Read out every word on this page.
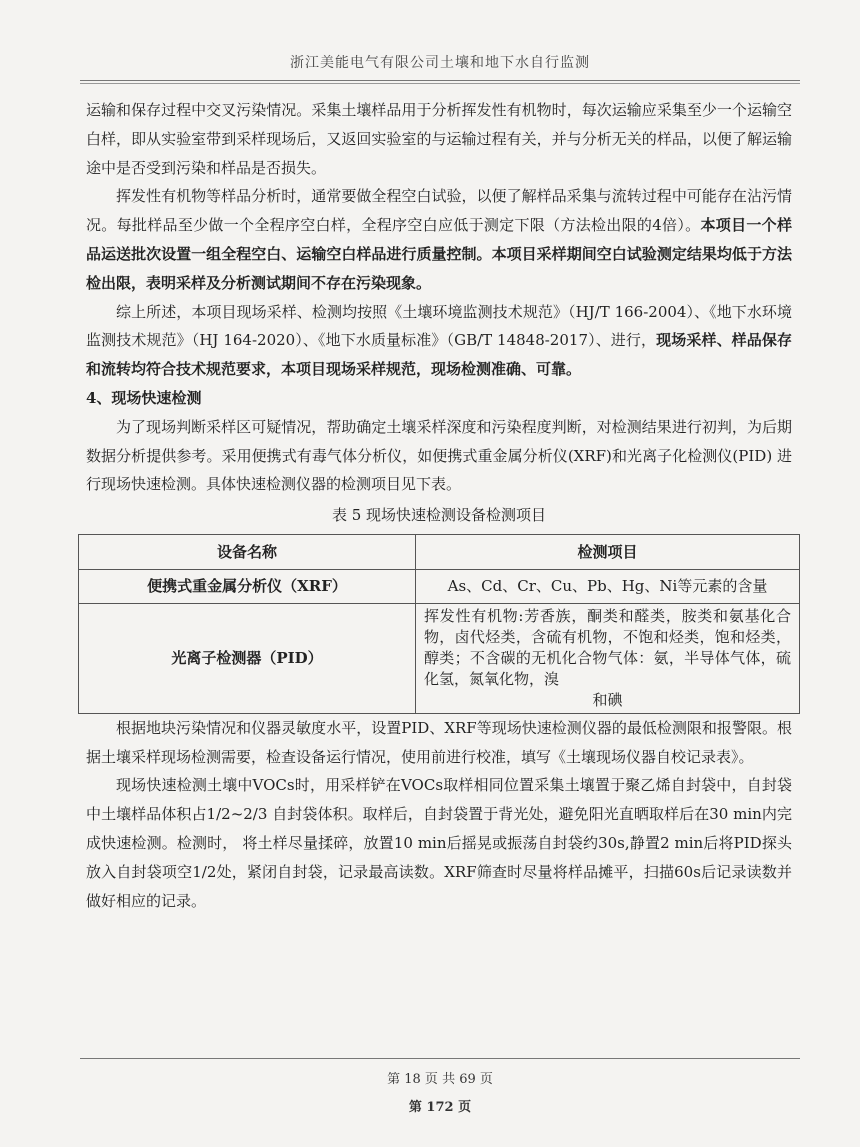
浙江美能电气有限公司土壤和地下水自行监测

运输和保存过程中交叉污染情况。采集土壤样品用于分析挥发性有机物时，每次运输应采集至少一个运输空白样，即从实验室带到采样现场后，又返回实验室的与运输过程有关，并与分析无关的样品，以便了解运输途中是否受到污染和样品是否损失。

挥发性有机物等样品分析时，通常要做全程空白试验，以便了解样品采集与流转过程中可能存在沾污情况。每批样品至少做一个全程序空白样，全程序空白应低于测定下限（方法检出限的4倍）。本项目一个样品运送批次设置一组全程空白、运输空白样品进行质量控制。本项目采样期间空白试验测定结果均低于方法检出限，表明采样及分析测试期间不存在污染现象。

综上所述，本项目现场采样、检测均按照《土壤环境监测技术规范》（HJ/T 166-2004）、《地下水环境监测技术规范》（HJ 164-2020）、《地下水质量标准》（GB/T 14848-2017）、进行，现场采样、样品保存和流转均符合技术规范要求，本项目现场采样规范，现场检测准确、可靠。

4、现场快速检测

为了现场判断采样区可疑情况，帮助确定土壤采样深度和污染程度判断，对检测结果进行初判，为后期数据分析提供参考。采用便携式有毒气体分析仪，如便携式重金属分析仪(XRF)和光离子化检测仪(PID) 进行现场快速检测。具体快速检测仪器的检测项目见下表。

表 5 现场快速检测设备检测项目
设备名称	检测项目
便携式重金属分析仪（XRF）	As、Cd、Cr、Cu、Pb、Hg、Ni等元素的含量
光离子检测器（PID）	挥发性有机物:芳香族，酮类和醛类，胺类和氨基化合物，卤代烃类，含硫有机物，不饱和烃类，饱和烃类，醇类；不含碳的无机化合物气体：氨，半导体气体，硫化氢，氮氧化物，溴
和碘

根据地块污染情况和仪器灵敏度水平，设置PID、XRF等现场快速检测仪器的最低检测限和报警限。根据土壤采样现场检测需要，检查设备运行情况，使用前进行校准，填写《土壤现场仪器自校记录表》。

现场快速检测土壤中VOCs时，用采样铲在VOCs取样相同位置采集土壤置于聚乙烯自封袋中，自封袋中土壤样品体积占1/2~2/3 自封袋体积。取样后，自封袋置于背光处，避免阳光直晒取样后在30 min内完成快速检测。检测时， 将土样尽量揉碎，放置10 min后摇晃或振荡自封袋约30s,静置2 min后将PID探头放入自封袋项空1/2处，紧闭自封袋，记录最高读数。XRF筛查时尽量将样品摊平，扫描60s后记录读数并做好相应的记录。

第 18 页 共 69 页
第 172 页
